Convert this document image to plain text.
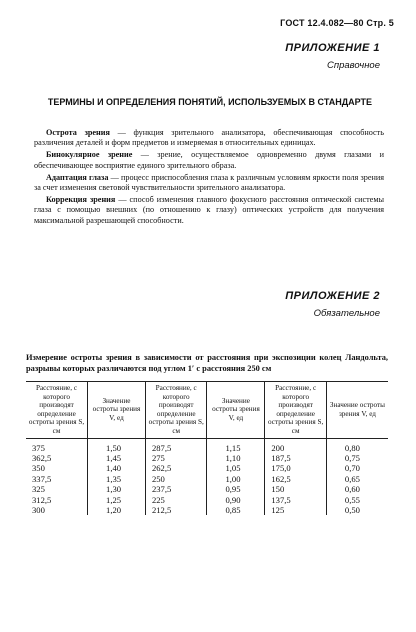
ГОСТ 12.4.082—80 Стр. 5
ПРИЛОЖЕНИЕ 1
Справочное
ТЕРМИНЫ И ОПРЕДЕЛЕНИЯ ПОНЯТИЙ, ИСПОЛЬЗУЕМЫХ В СТАНДАРТЕ

Острота зрения — функция зрительного анализатора, обеспечивающая способность различения деталей и форм предметов и измеряемая в относительных единицах.

Бинокулярное зрение — зрение, осуществляемое одновременно двумя глазами и обеспечивающее восприятие единого зрительного образа.

Адаптация глаза — процесс приспособления глаза к различным условиям яркости поля зрения за счет изменения световой чувствительности зрительного анализатора.

Коррекция зрения — способ изменения главного фокусного расстояния оптической системы глаза с помощью внешних (по отношению к глазу) оптических устройств для получения максимальной разрешающей способности.

ПРИЛОЖЕНИЕ 2
Обязательное
Измерение остроты зрения в зависимости от расстояния при экспозиции колец Ландольта, разрывы которых различаются под углом 1′ с расстояния 250 см
Расстояние, с которого производят определение остроты зрения S, см	Значение остроты зрения V, ед	Расстояние, с которого производят определение остроты зрения S, см	Значение остроты зрения V, ед	Расстояние, с которого производят определение остроты зрения S, см	Значение остроты зрения V, ед
375	1,50	287,5	1,15	200	0,80
362,5	1,45	275	1,10	187,5	0,75
350	1,40	262,5	1,05	175,0	0,70
337,5	1,35	250	1,00	162,5	0,65
325	1,30	237,5	0,95	150	0,60
312,5	1,25	225	0,90	137,5	0,55
300	1,20	212,5	0,85	125	0,50
